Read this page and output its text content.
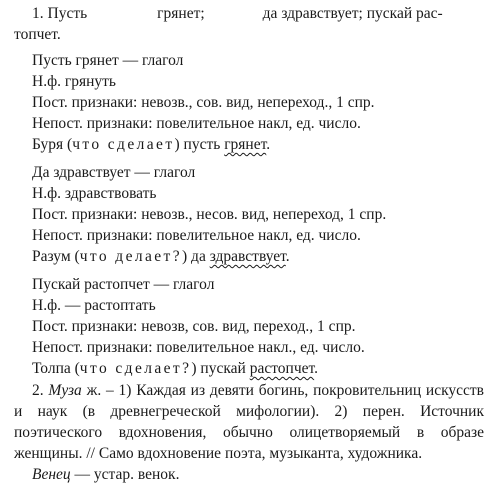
1. Пусть	грянет;	да здравствует; пускай рас-
топчет.
Пусть грянет — глагол
Н.ф. грянуть
Пост. признаки: невозв., сов. вид, непереход., 1 спр.
Непост. признаки: повелительное накл, ед. число.
Буря (что сделает) пусть грянет.
Да здравствует — глагол
Н.ф. здравствовать
Пост. признаки: невозв., несов. вид, непереход, 1 спр.
Непост. признаки: повелительное накл, ед. число.
Разум (что делает?) да здравствует.
Пускай растопчет — глагол
Н.ф. — растоптать
Пост. признаки: невозв, сов. вид, переход., 1 спр.
Непост. признаки: повелительное накл., ед. число.
Толпа (что сделает?) пускай растопчет.

2. Муза ж. – 1) Каждая из девяти богинь, покровительниц искусств и наук (в древнегреческой мифологии). 2) перен. Источник поэтического вдохновения, обычно олицетворяемый в образе женщины. // Само вдохновение поэта, музыканта, художника.

Венец — устар. венок.
